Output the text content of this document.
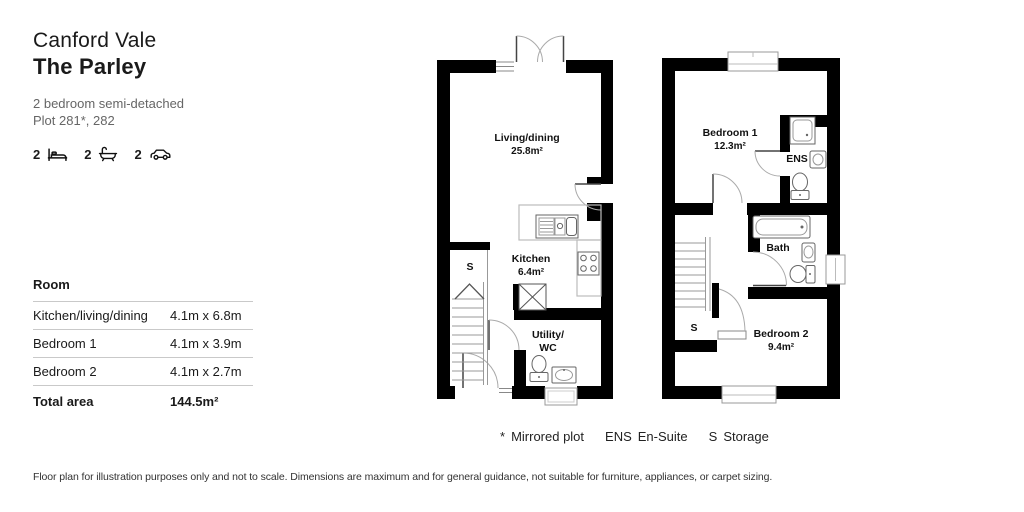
Canford Vale
The Parley

2 bedroom semi-detached

Plot 281*, 282

2	2	2
Room
Kitchen/living/dining	4.1m x 6.8m
Bedroom 1	4.1m x 3.9m
Bedroom 2	4.1m x 2.7m
Total area	144.5m²
Living/dining
25.8m²
Kitchen
6.4m²
S
Utility/
WC
Bedroom 1
12.3m²
ENS
Bath
S	Bedroom 2
9.4m²
* Mirrored plot ENS En-Suite S Storage
Floor plan for illustration purposes only and not to scale. Dimensions are maximum and for general guidance, not suitable for furniture, appliances, or carpet sizing.
